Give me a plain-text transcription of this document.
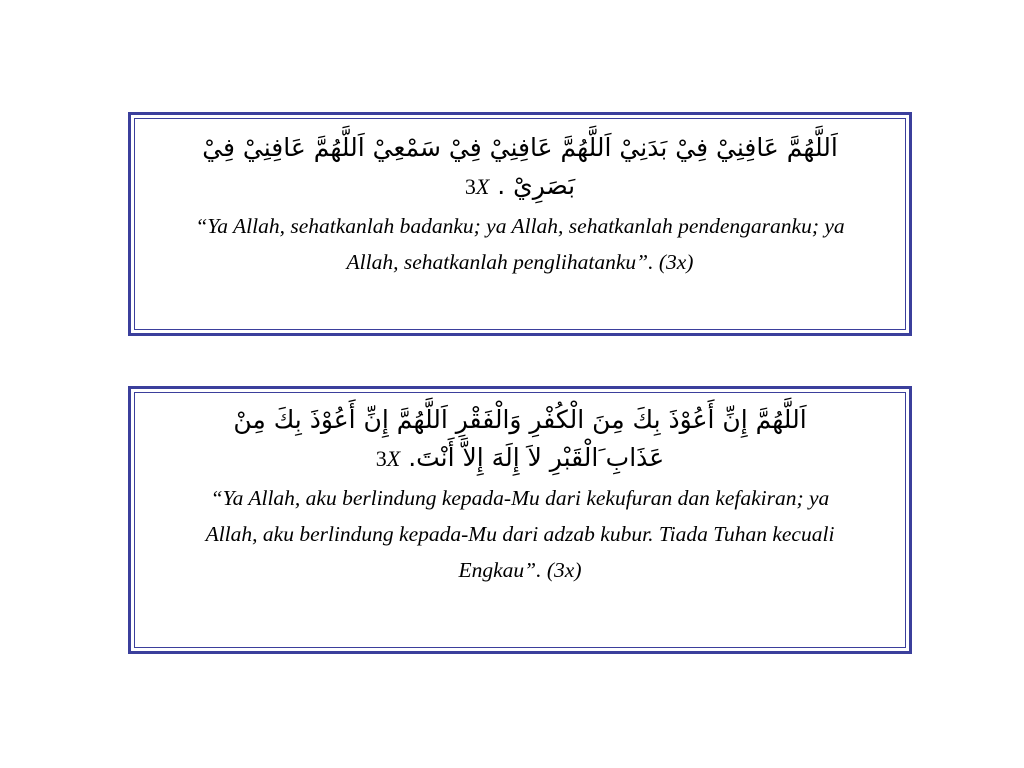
اَللَّهُمَّ عَافِنِيْ فِيْ بَدَنِيْ اَللَّهُمَّ عَافِنِيْ فِيْ سَمْعِيْ اَللَّهُمَّ عَافِنِيْ فِيْ
بَصَرِيْ . 3X
“Ya Allah, sehatkanlah badanku; ya Allah, sehatkanlah pendengaranku; ya
Allah, sehatkanlah penglihatanku”. (3x)
اَللَّهُمَّ إِنِّ أَعُوْذَ بِكَ مِنَ الْكُفْرِ وَالْفَقْرِ اَللَّهُمَّ إِنِّ أَعُوْذَ بِكَ مِنْ
عَذَابِ َالْقَبْرِ لاَ إِلَهَ إِلاَّ أَنْتَ. 3X
“Ya Allah, aku berlindung kepada-Mu dari kekufuran dan kefakiran; ya
Allah, aku berlindung kepada-Mu dari adzab kubur. Tiada Tuhan kecuali
Engkau”. (3x)
